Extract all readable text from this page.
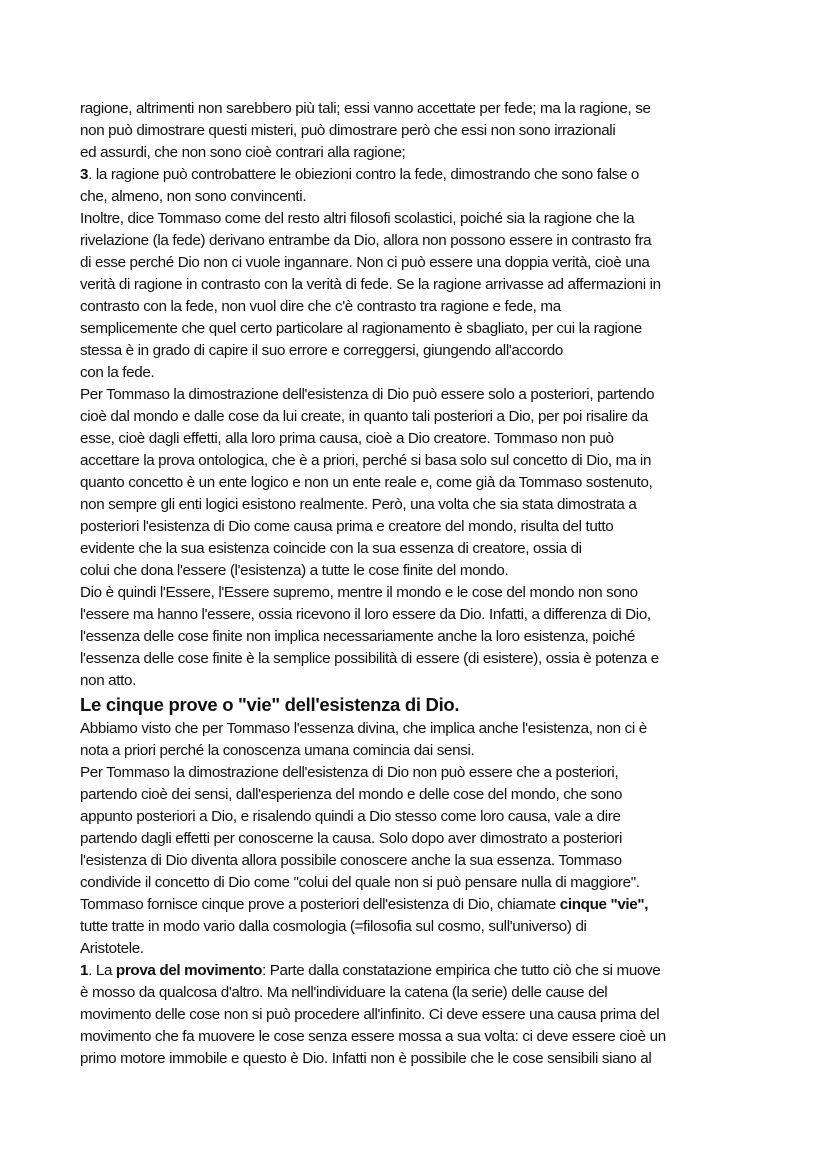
ragione, altrimenti non sarebbero più tali; essi vanno accettate per fede; ma la ragione, se
non può dimostrare questi misteri, può dimostrare però che essi non sono irrazionali
ed assurdi, che non sono cioè contrari alla ragione;
3. la ragione può controbattere le obiezioni contro la fede, dimostrando che sono false o
che, almeno, non sono convincenti.
Inoltre, dice Tommaso come del resto altri filosofi scolastici, poiché sia la ragione che la
rivelazione (la fede) derivano entrambe da Dio, allora non possono essere in contrasto fra
di esse perché Dio non ci vuole ingannare. Non ci può essere una doppia verità, cioè una
verità di ragione in contrasto con la verità di fede. Se la ragione arrivasse ad affermazioni in
contrasto con la fede, non vuol dire che c'è contrasto tra ragione e fede, ma
semplicemente che quel certo particolare al ragionamento è sbagliato, per cui la ragione
stessa è in grado di capire il suo errore e correggersi, giungendo all'accordo
con la fede.
Per Tommaso la dimostrazione dell'esistenza di Dio può essere solo a posteriori, partendo
cioè dal mondo e dalle cose da lui create, in quanto tali posteriori a Dio, per poi risalire da
esse, cioè dagli effetti, alla loro prima causa, cioè a Dio creatore. Tommaso non può
accettare la prova ontologica, che è a priori, perché si basa solo sul concetto di Dio, ma in
quanto concetto è un ente logico e non un ente reale e, come già da Tommaso sostenuto,
non sempre gli enti logici esistono realmente. Però, una volta che sia stata dimostrata a
posteriori l'esistenza di Dio come causa prima e creatore del mondo, risulta del tutto
evidente che la sua esistenza coincide con la sua essenza di creatore, ossia di
colui che dona l'essere (l'esistenza) a tutte le cose finite del mondo.
Dio è quindi l'Essere, l'Essere supremo, mentre il mondo e le cose del mondo non sono
l'essere ma hanno l'essere, ossia ricevono il loro essere da Dio. Infatti, a differenza di Dio,
l'essenza delle cose finite non implica necessariamente anche la loro esistenza, poiché
l'essenza delle cose finite è la semplice possibilità di essere (di esistere), ossia è potenza e
non atto.
Le cinque prove o "vie" dell'esistenza di Dio.
Abbiamo visto che per Tommaso l'essenza divina, che implica anche l'esistenza, non ci è
nota a priori perché la conoscenza umana comincia dai sensi.
Per Tommaso la dimostrazione dell'esistenza di Dio non può essere che a posteriori,
partendo cioè dei sensi, dall'esperienza del mondo e delle cose del mondo, che sono
appunto posteriori a Dio, e risalendo quindi a Dio stesso come loro causa, vale a dire
partendo dagli effetti per conoscerne la causa. Solo dopo aver dimostrato a posteriori
l'esistenza di Dio diventa allora possibile conoscere anche la sua essenza. Tommaso
condivide il concetto di Dio come "colui del quale non si può pensare nulla di maggiore".
Tommaso fornisce cinque prove a posteriori dell'esistenza di Dio, chiamate cinque "vie",
tutte tratte in modo vario dalla cosmologia (=filosofia sul cosmo, sull'universo) di
Aristotele.
1. La prova del movimento: Parte dalla constatazione empirica che tutto ciò che si muove
è mosso da qualcosa d'altro. Ma nell'individuare la catena (la serie) delle cause del
movimento delle cose non si può procedere all'infinito. Ci deve essere una causa prima del
movimento che fa muovere le cose senza essere mossa a sua volta: ci deve essere cioè un
primo motore immobile e questo è Dio. Infatti non è possibile che le cose sensibili siano al
